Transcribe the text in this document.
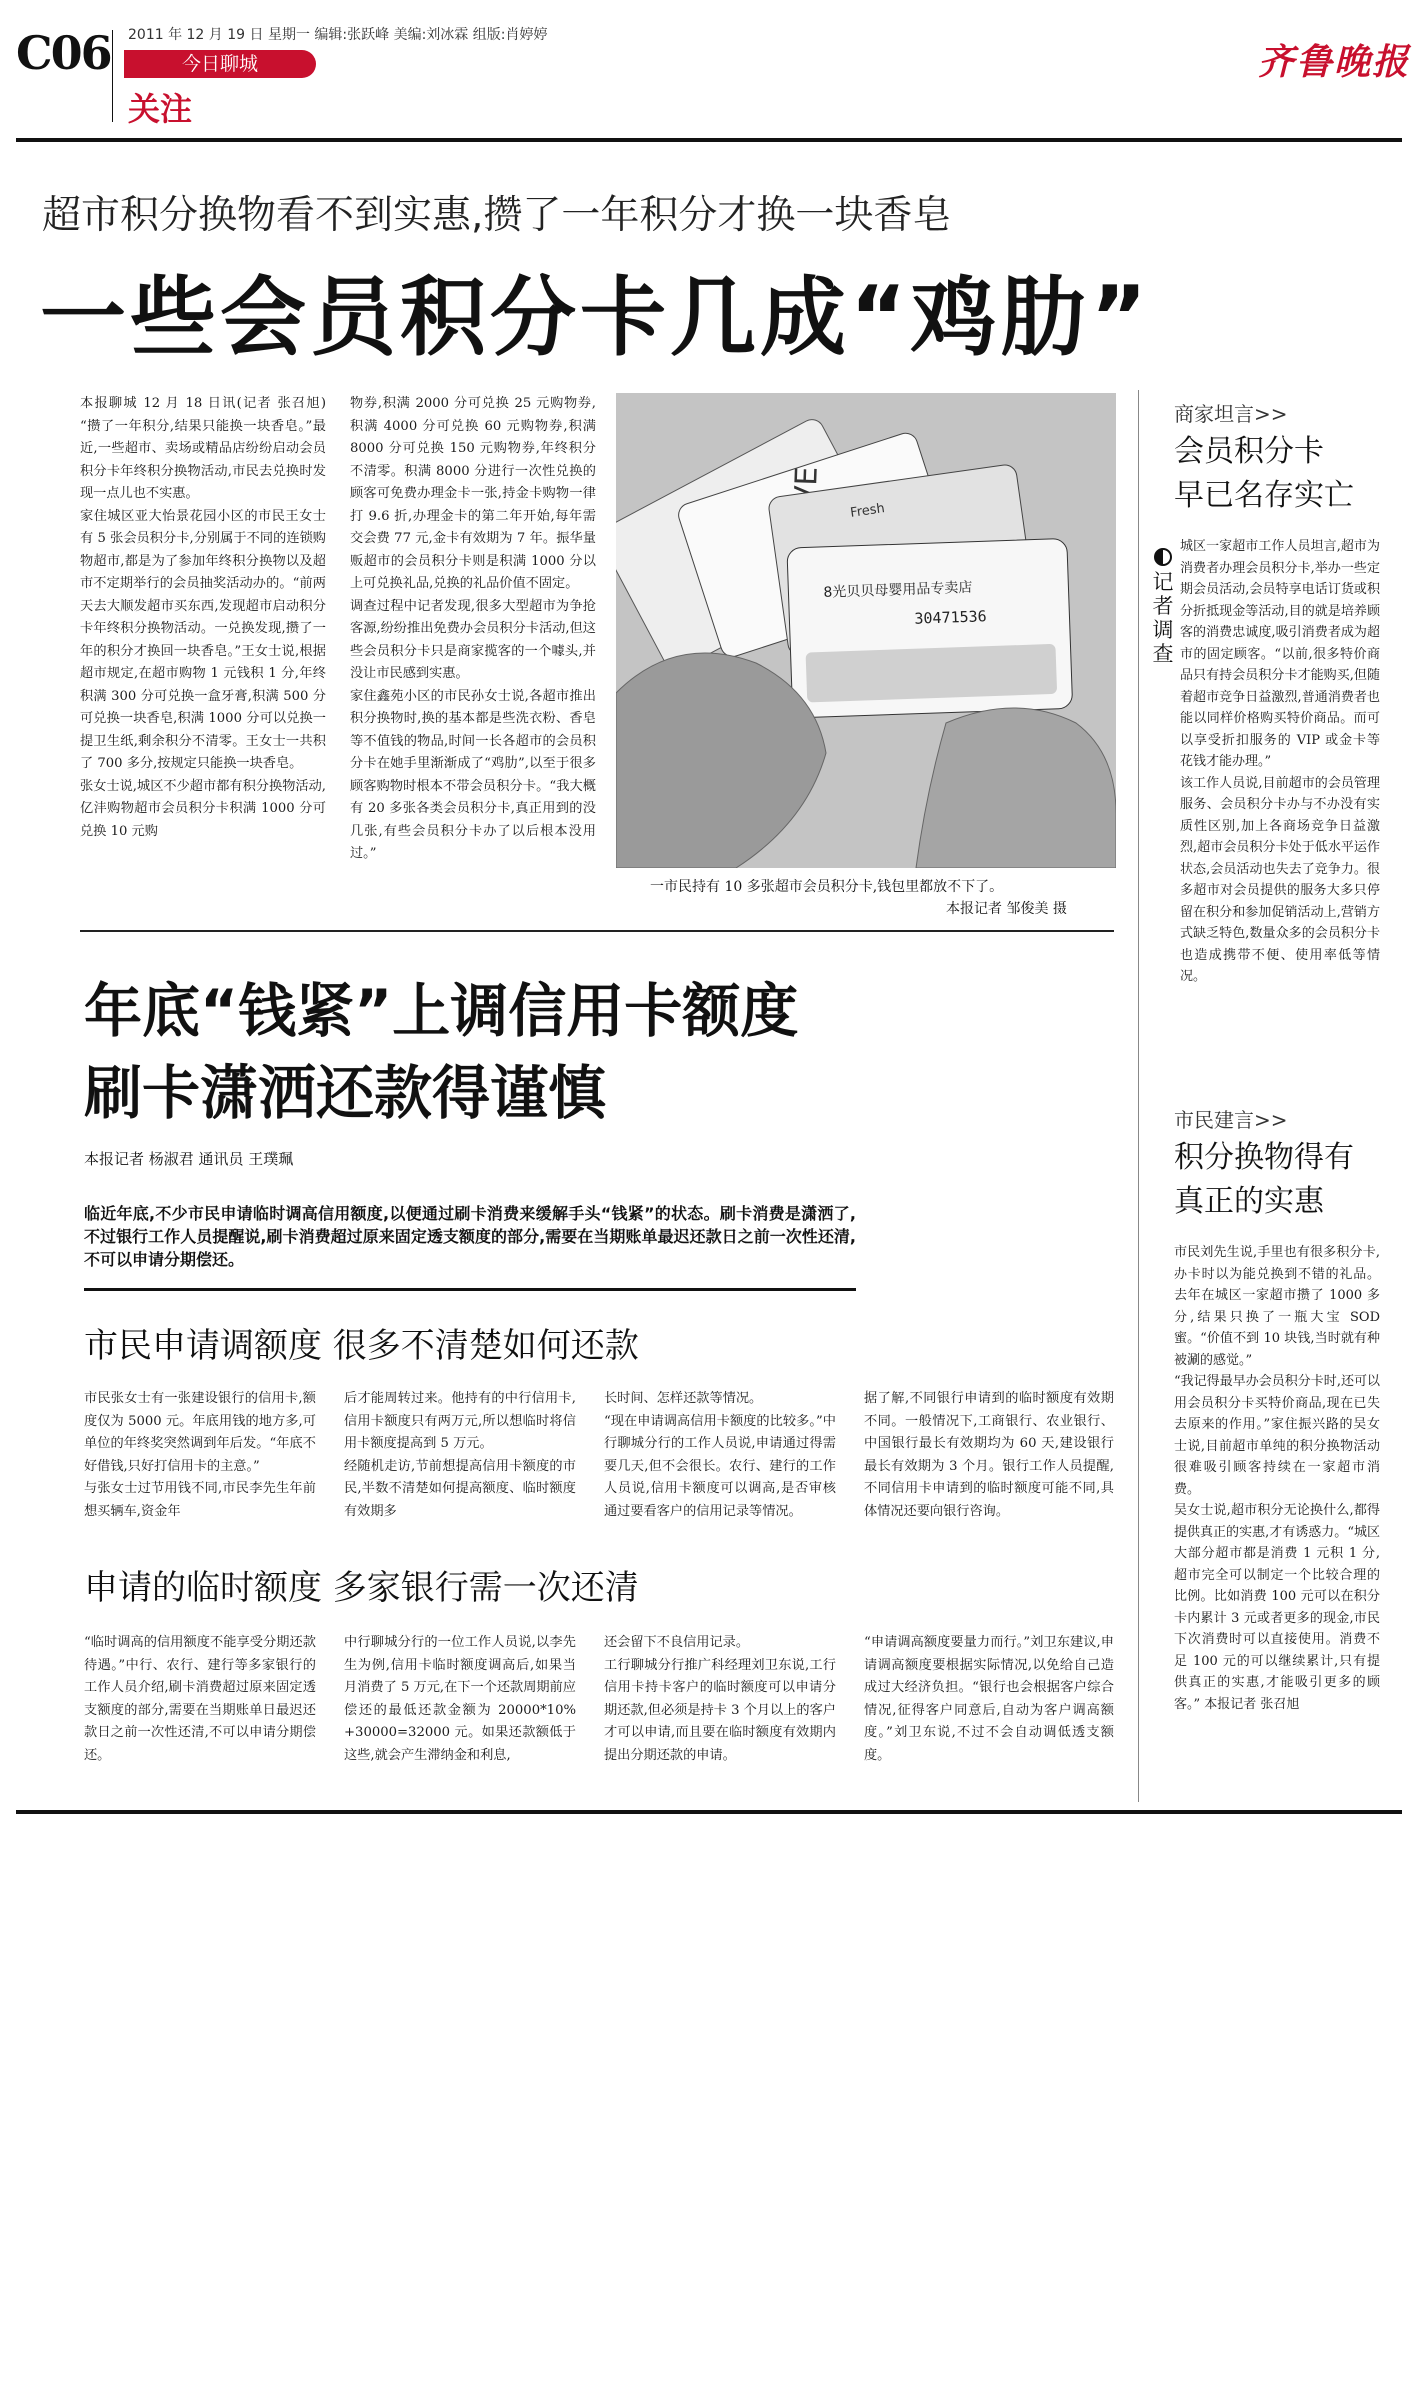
C06 2011 年 12 月 19 日 星期一 编辑:张跃峰 美编:刘冰霖 组版:肖婷婷
今日聊城
关注
齐鲁晚报
超市积分换物看不到实惠,攒了一年积分才换一块香皂
一些会员积分卡几成“鸡肋”
本报聊城 12 月 18 日讯(记者 张召旭) “攒了一年积分,结果只能换一块香皂。”最近,一些超市、卖场或精品店纷纷启动会员积分卡年终积分换物活动,市民去兑换时发现一点儿也不实惠。
家住城区亚大怡景花园小区的市民王女士有 5 张会员积分卡,分别属于不同的连锁购物超市,都是为了参加年终积分换物以及超市不定期举行的会员抽奖活动办的。“前两天去大顺发超市买东西,发现超市启动积分卡年终积分换物活动。一兑换发现,攒了一年的积分才换回一块香皂。”王女士说,根据超市规定,在超市购物 1 元钱积 1 分,年终积满 300 分可兑换一盒牙膏,积满 500 分可兑换一块香皂,积满 1000 分可以兑换一提卫生纸,剩余积分不清零。王女士一共积了 700 多分,按规定只能换一块香皂。
张女士说,城区不少超市都有积分换物活动,亿沣购物超市会员积分卡积满 1000 分可兑换 10 元购
物券,积满 2000 分可兑换 25 元购物券,积满 4000 分可兑换 60 元购物券,积满 8000 分可兑换 150 元购物券,年终积分不清零。积满 8000 分进行一次性兑换的顾客可免费办理金卡一张,持金卡购物一律打 9.6 折,办理金卡的第二年开始,每年需交会费 77 元,金卡有效期为 7 年。振华量贩超市的会员积分卡则是积满 1000 分以上可兑换礼品,兑换的礼品价值不固定。
调查过程中记者发现,很多大型超市为争抢客源,纷纷推出免费办会员积分卡活动,但这些会员积分卡只是商家揽客的一个噱头,并没让市民感到实惠。
家住鑫苑小区的市民孙女士说,各超市推出积分换物时,换的基本都是些洗衣粉、香皂等不值钱的物品,时间一长各超市的会员积分卡在她手里渐渐成了“鸡肋”,以至于很多顾客购物时根本不带会员积分卡。“我大概有 20 多张各类会员积分卡,真正用到的没几张,有些会员积分卡办了以后根本没用过。”
Fresh
8光贝贝母婴用品专卖店
30471536
一市民持有 10 多张超市会员积分卡,钱包里都放不下了。
本报记者 邹俊美 摄
商家坦言>>
会员积分卡
早已名存实亡
记者调查
城区一家超市工作人员坦言,超市为消费者办理会员积分卡,举办一些定期会员活动,会员特享电话订货或积分折抵现金等活动,目的就是培养顾客的消费忠诚度,吸引消费者成为超市的固定顾客。“以前,很多特价商品只有持会员积分卡才能购买,但随着超市竞争日益激烈,普通消费者也能以同样价格购买特价商品。而可以享受折扣服务的 VIP 或金卡等花钱才能办理。”
该工作人员说,目前超市的会员管理服务、会员积分卡办与不办没有实质性区别,加上各商场竞争日益激烈,超市会员积分卡处于低水平运作状态,会员活动也失去了竞争力。很多超市对会员提供的服务大多只停留在积分和参加促销活动上,营销方式缺乏特色,数量众多的会员积分卡也造成携带不便、使用率低等情况。
市民建言>>
积分换物得有
真正的实惠
市民刘先生说,手里也有很多积分卡,办卡时以为能兑换到不错的礼品。去年在城区一家超市攒了 1000 多分,结果只换了一瓶大宝 SOD 蜜。“价值不到 10 块钱,当时就有种被涮的感觉。”
“我记得最早办会员积分卡时,还可以用会员积分卡买特价商品,现在已失去原来的作用。”家住振兴路的吴女士说,目前超市单纯的积分换物活动很难吸引顾客持续在一家超市消费。
吴女士说,超市积分无论换什么,都得提供真正的实惠,才有诱惑力。“城区大部分超市都是消费 1 元积 1 分,超市完全可以制定一个比较合理的比例。比如消费 100 元可以在积分卡内累计 3 元或者更多的现金,市民下次消费时可以直接使用。消费不足 100 元的可以继续累计,只有提供真正的实惠,才能吸引更多的顾客。” 本报记者 张召旭
年底“钱紧”上调信用卡额度
刷卡潇洒还款得谨慎
本报记者 杨淑君 通讯员 王璞珮
临近年底,不少市民申请临时调高信用额度,以便通过刷卡消费来缓解手头“钱紧”的状态。刷卡消费是潇洒了,不过银行工作人员提醒说,刷卡消费超过原来固定透支额度的部分,需要在当期账单最迟还款日之前一次性还清,不可以申请分期偿还。
市民申请调额度 很多不清楚如何还款
市民张女士有一张建设银行的信用卡,额度仅为 5000 元。年底用钱的地方多,可单位的年终奖突然调到年后发。“年底不好借钱,只好打信用卡的主意。”
与张女士过节用钱不同,市民李先生年前想买辆车,资金年
后才能周转过来。他持有的中行信用卡,信用卡额度只有两万元,所以想临时将信用卡额度提高到 5 万元。
经随机走访,节前想提高信用卡额度的市民,半数不清楚如何提高额度、临时额度有效期多
长时间、怎样还款等情况。
“现在申请调高信用卡额度的比较多。”中行聊城分行的工作人员说,申请通过得需要几天,但不会很长。农行、建行的工作人员说,信用卡额度可以调高,是否审核通过要看客户的信用记录等情况。
据了解,不同银行申请到的临时额度有效期不同。一般情况下,工商银行、农业银行、中国银行最长有效期均为 60 天,建设银行最长有效期为 3 个月。银行工作人员提醒,不同信用卡申请到的临时额度可能不同,具体情况还要向银行咨询。
申请的临时额度 多家银行需一次还清
“临时调高的信用额度不能享受分期还款待遇。”中行、农行、建行等多家银行的工作人员介绍,刷卡消费超过原来固定透支额度的部分,需要在当期账单日最迟还款日之前一次性还清,不可以申请分期偿还。
中行聊城分行的一位工作人员说,以李先生为例,信用卡临时额度调高后,如果当月消费了 5 万元,在下一个还款周期前应偿还的最低还款金额为 20000*10% +30000=32000 元。如果还款额低于这些,就会产生滞纳金和利息,
还会留下不良信用记录。
工行聊城分行推广科经理刘卫东说,工行信用卡持卡客户的临时额度可以申请分期还款,但必须是持卡 3 个月以上的客户才可以申请,而且要在临时额度有效期内提出分期还款的申请。
“申请调高额度要量力而行。”刘卫东建议,申请调高额度要根据实际情况,以免给自己造成过大经济负担。“银行也会根据客户综合情况,征得客户同意后,自动为客户调高额度。”刘卫东说,不过不会自动调低透支额度。
